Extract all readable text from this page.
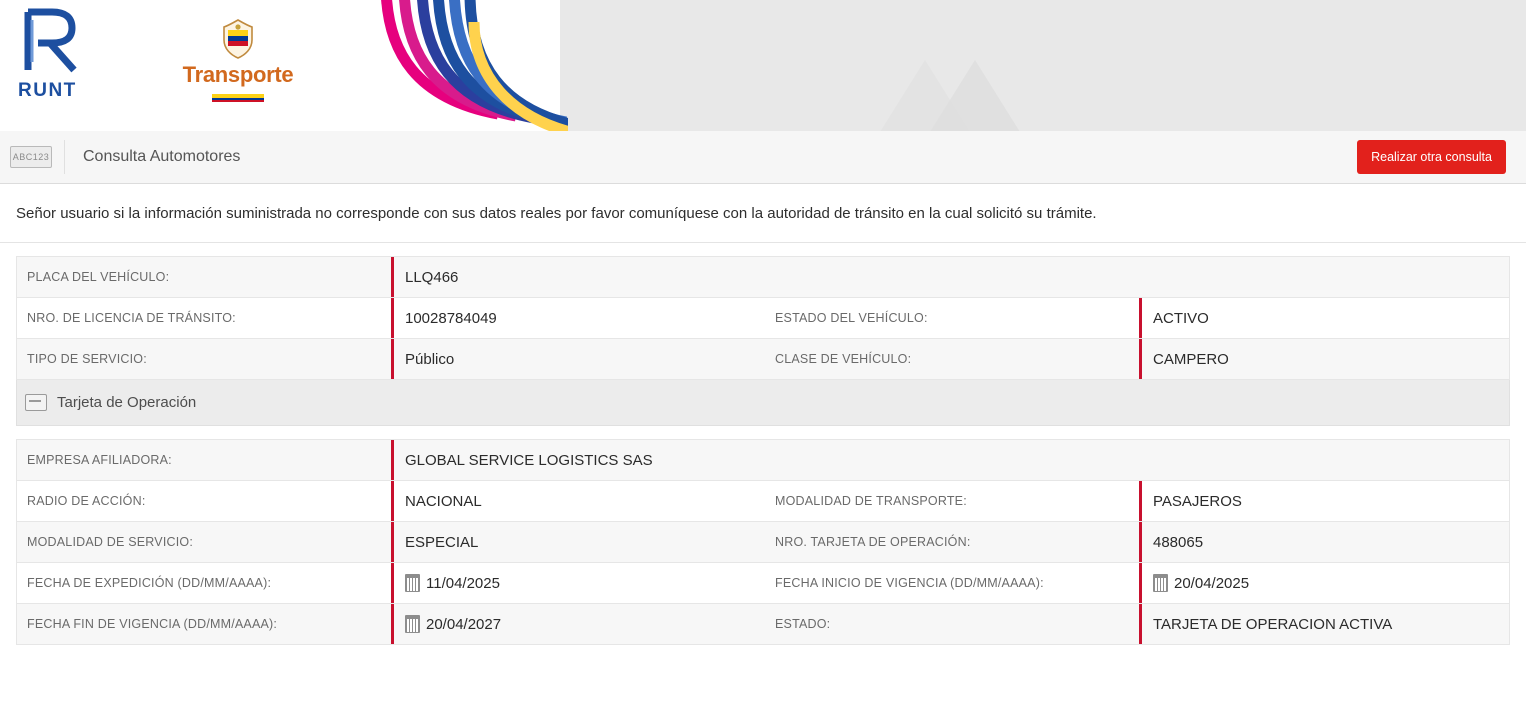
RUNT
Transporte
ABC123 Consulta Automotores	Realizar otra consulta
Señor usuario si la información suministrada no corresponde con sus datos reales por favor comuníquese con la autoridad de tránsito en la cual solicitó su trámite.
PLACA DEL VEHÍCULO:	LLQ466
NRO. DE LICENCIA DE TRÁNSITO:	10028784049	ESTADO DEL VEHÍCULO:	ACTIVO
TIPO DE SERVICIO:	Público	CLASE DE VEHÍCULO:	CAMPERO
Tarjeta de Operación
EMPRESA AFILIADORA:	GLOBAL SERVICE LOGISTICS SAS
RADIO DE ACCIÓN:	NACIONAL	MODALIDAD DE TRANSPORTE:	PASAJEROS
MODALIDAD DE SERVICIO:	ESPECIAL	NRO. TARJETA DE OPERACIÓN:	488065
FECHA DE EXPEDICIÓN (DD/MM/AAAA):	11/04/2025	FECHA INICIO DE VIGENCIA (DD/MM/AAAA):	20/04/2025
FECHA FIN DE VIGENCIA (DD/MM/AAAA):	20/04/2027	ESTADO:	TARJETA DE OPERACION ACTIVA
